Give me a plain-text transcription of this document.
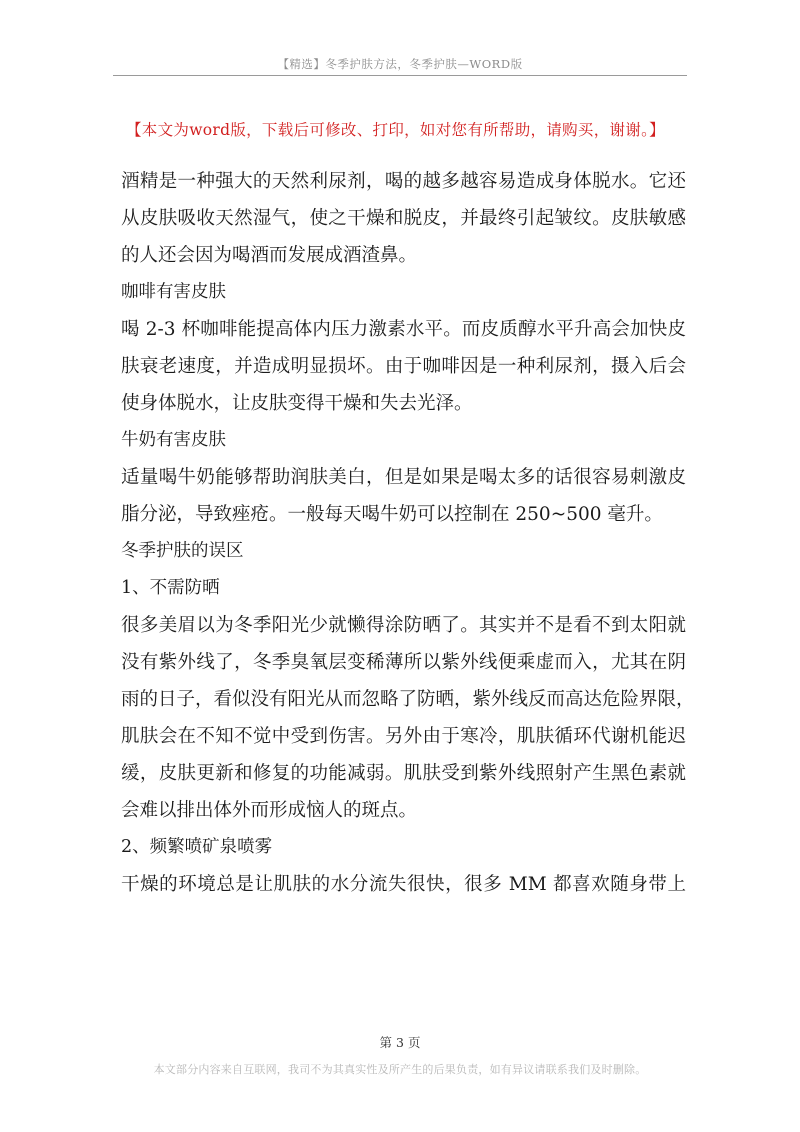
【精选】冬季护肤方法，冬季护肤—WORD版
【本文为word版，下载后可修改、打印，如对您有所帮助，请购买，谢谢。】
酒精是一种强大的天然利尿剂，喝的越多越容易造成身体脱水。它还
从皮肤吸收天然湿气，使之干燥和脱皮，并最终引起皱纹。皮肤敏感
的人还会因为喝酒而发展成酒渣鼻。
咖啡有害皮肤
喝 2-3 杯咖啡能提高体内压力激素水平。而皮质醇水平升高会加快皮
肤衰老速度，并造成明显损坏。由于咖啡因是一种利尿剂，摄入后会
使身体脱水，让皮肤变得干燥和失去光泽。
牛奶有害皮肤
适量喝牛奶能够帮助润肤美白，但是如果是喝太多的话很容易刺激皮
脂分泌，导致痤疮。一般每天喝牛奶可以控制在 250~500 毫升。
冬季护肤的误区
1、不需防晒
很多美眉以为冬季阳光少就懒得涂防晒了。其实并不是看不到太阳就
没有紫外线了，冬季臭氧层变稀薄所以紫外线便乘虚而入，尤其在阴
雨的日子，看似没有阳光从而忽略了防晒，紫外线反而高达危险界限，
肌肤会在不知不觉中受到伤害。另外由于寒冷，肌肤循环代谢机能迟
缓，皮肤更新和修复的功能减弱。肌肤受到紫外线照射产生黑色素就
会难以排出体外而形成恼人的斑点。
2、频繁喷矿泉喷雾
干燥的环境总是让肌肤的水分流失很快，很多 MM 都喜欢随身带上
第 3 页
本文部分内容来自互联网，我司不为其真实性及所产生的后果负责，如有异议请联系我们及时删除。
